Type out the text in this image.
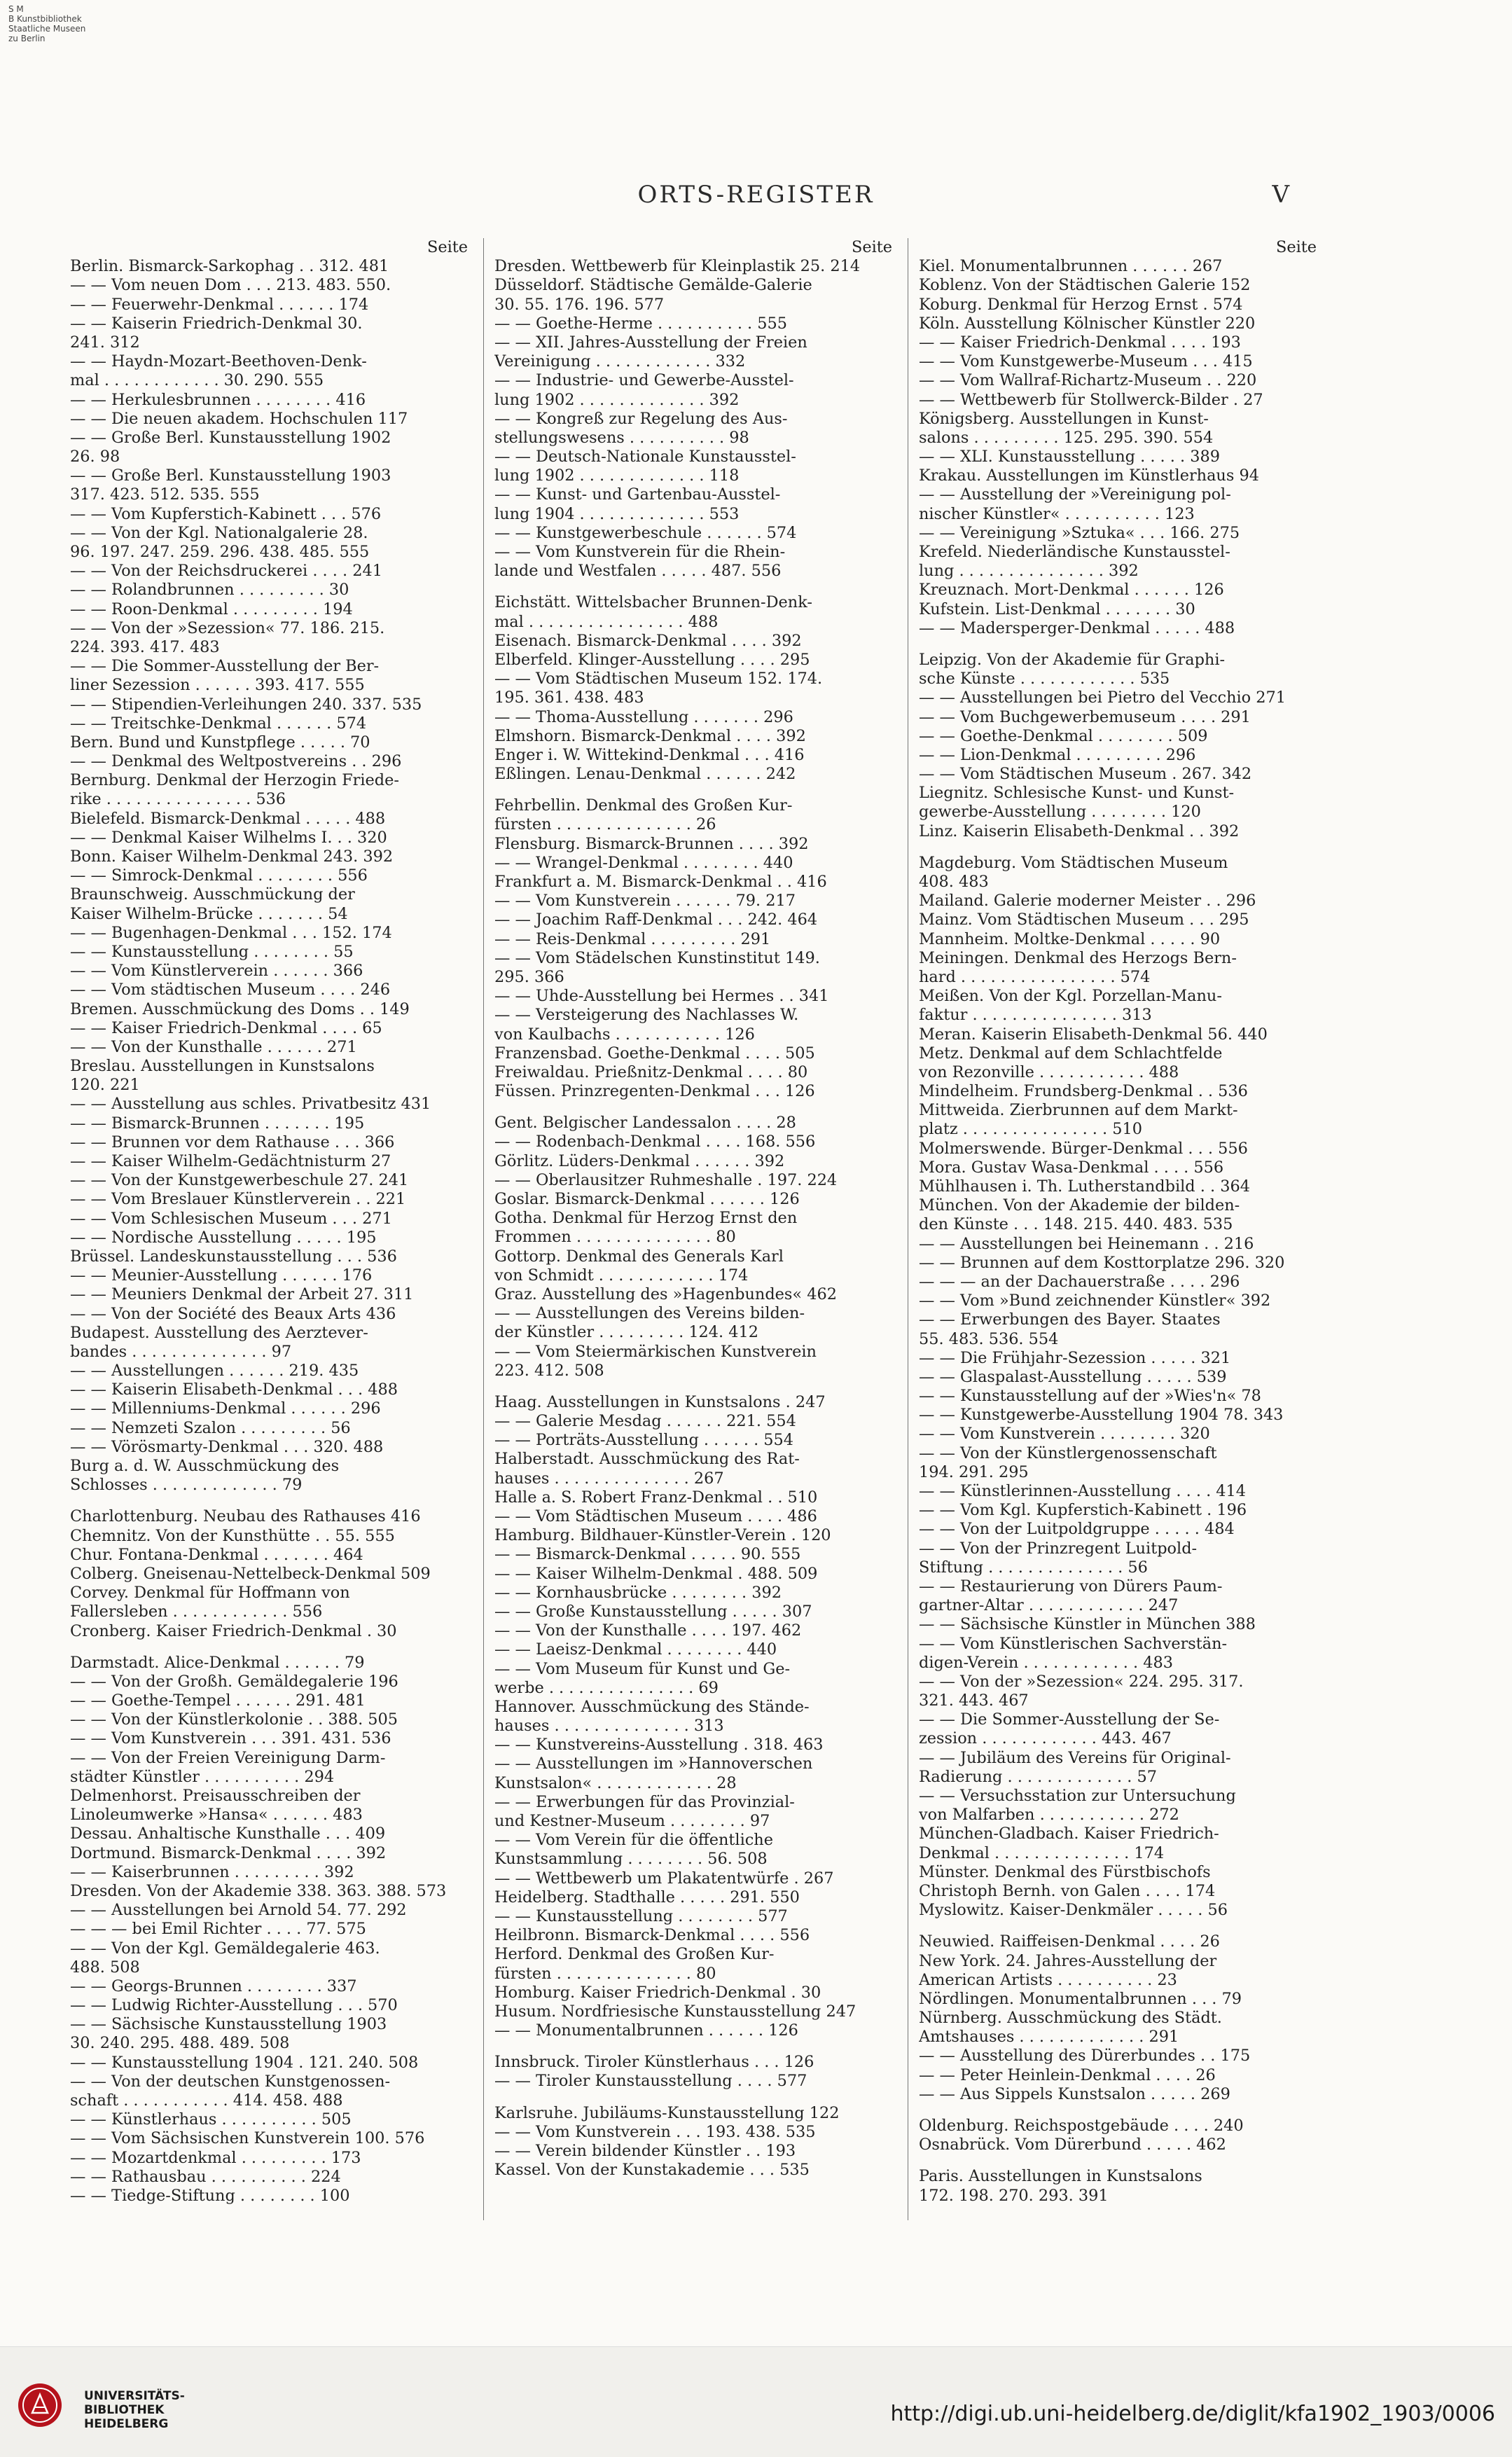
S M
B Kunstbibliothek
Staatliche Museen
zu Berlin
ORTS-REGISTER	V
Seite
Berlin. Bismarck-Sarkophag . . 312. 481
— — Vom neuen Dom . . . 213. 483. 550.
— — Feuerwehr-Denkmal . . . . . . 174
— — Kaiserin Friedrich-Denkmal 30.
241. 312
— — Haydn-Mozart-Beethoven-Denk-
mal . . . . . . . . . . . . 30. 290. 555
— — Herkulesbrunnen . . . . . . . . 416
— — Die neuen akadem. Hochschulen 117
— — Große Berl. Kunstausstellung 1902
26. 98
— — Große Berl. Kunstausstellung 1903
317. 423. 512. 535. 555
— — Vom Kupferstich-Kabinett . . . 576
— — Von der Kgl. Nationalgalerie 28.
96. 197. 247. 259. 296. 438. 485. 555
— — Von der Reichsdruckerei . . . . 241
— — Rolandbrunnen . . . . . . . . . 30
— — Roon-Denkmal . . . . . . . . . 194
— — Von der »Sezession« 77. 186. 215.
224. 393. 417. 483
— — Die Sommer-Ausstellung der Ber-
liner Sezession . . . . . . 393. 417. 555
— — Stipendien-Verleihungen 240. 337. 535
— — Treitschke-Denkmal . . . . . . 574
Bern. Bund und Kunstpflege . . . . . 70
— — Denkmal des Weltpostvereins . . 296
Bernburg. Denkmal der Herzogin Friede-
rike . . . . . . . . . . . . . . . 536
Bielefeld. Bismarck-Denkmal . . . . . 488
— — Denkmal Kaiser Wilhelms I. . . 320
Bonn. Kaiser Wilhelm-Denkmal 243. 392
— — Simrock-Denkmal . . . . . . . . 556
Braunschweig. Ausschmückung der
Kaiser Wilhelm-Brücke . . . . . . . 54
— — Bugenhagen-Denkmal . . . 152. 174
— — Kunstausstellung . . . . . . . . 55
— — Vom Künstlerverein . . . . . . 366
— — Vom städtischen Museum . . . . 246
Bremen. Ausschmückung des Doms . . 149
— — Kaiser Friedrich-Denkmal . . . . 65
— — Von der Kunsthalle . . . . . . 271
Breslau. Ausstellungen in Kunstsalons
120. 221
— — Ausstellung aus schles. Privatbesitz 431
— — Bismarck-Brunnen . . . . . . . 195
— — Brunnen vor dem Rathause . . . 366
— — Kaiser Wilhelm-Gedächtnisturm 27
— — Von der Kunstgewerbeschule 27. 241
— — Vom Breslauer Künstlerverein . . 221
— — Vom Schlesischen Museum . . . 271
— — Nordische Ausstellung . . . . . 195
Brüssel. Landeskunstausstellung . . . 536
— — Meunier-Ausstellung . . . . . . 176
— — Meuniers Denkmal der Arbeit 27. 311
— — Von der Société des Beaux Arts 436
Budapest. Ausstellung des Aerztever-
bandes . . . . . . . . . . . . . . 97
— — Ausstellungen . . . . . . 219. 435
— — Kaiserin Elisabeth-Denkmal . . . 488
— — Millenniums-Denkmal . . . . . . 296
— — Nemzeti Szalon . . . . . . . . . 56
— — Vörösmarty-Denkmal . . . 320. 488
Burg a. d. W. Ausschmückung des
Schlosses . . . . . . . . . . . . . 79
Charlottenburg. Neubau des Rathauses 416
Chemnitz. Von der Kunsthütte . . 55. 555
Chur. Fontana-Denkmal . . . . . . . 464
Colberg. Gneisenau-Nettelbeck-Denkmal 509
Corvey. Denkmal für Hoffmann von
Fallersleben . . . . . . . . . . . . 556
Cronberg. Kaiser Friedrich-Denkmal . 30
Darmstadt. Alice-Denkmal . . . . . . 79
— — Von der Großh. Gemäldegalerie 196
— — Goethe-Tempel . . . . . . 291. 481
— — Von der Künstlerkolonie . . 388. 505
— — Vom Kunstverein . . . 391. 431. 536
— — Von der Freien Vereinigung Darm-
städter Künstler . . . . . . . . . . 294
Delmenhorst. Preisausschreiben der
Linoleumwerke »Hansa« . . . . . . 483
Dessau. Anhaltische Kunsthalle . . . 409
Dortmund. Bismarck-Denkmal . . . . 392
— — Kaiserbrunnen . . . . . . . . . 392
Dresden. Von der Akademie 338. 363. 388. 573
— — Ausstellungen bei Arnold 54. 77. 292
— — — bei Emil Richter . . . . 77. 575
— — Von der Kgl. Gemäldegalerie 463.
488. 508
— — Georgs-Brunnen . . . . . . . . 337
— — Ludwig Richter-Ausstellung . . . 570
— — Sächsische Kunstausstellung 1903
30. 240. 295. 488. 489. 508
— — Kunstausstellung 1904 . 121. 240. 508
— — Von der deutschen Kunstgenossen-
schaft . . . . . . . . . . . 414. 458. 488
— — Künstlerhaus . . . . . . . . . . 505
— — Vom Sächsischen Kunstverein 100. 576
— — Mozartdenkmal . . . . . . . . . 173
— — Rathausbau . . . . . . . . . . 224
— — Tiedge-Stiftung . . . . . . . . 100
Seite
Dresden. Wettbewerb für Kleinplastik 25. 214
Düsseldorf. Städtische Gemälde-Galerie
30. 55. 176. 196. 577
— — Goethe-Herme . . . . . . . . . . 555
— — XII. Jahres-Ausstellung der Freien
Vereinigung . . . . . . . . . . . . 332
— — Industrie- und Gewerbe-Ausstel-
lung 1902 . . . . . . . . . . . . . 392
— — Kongreß zur Regelung des Aus-
stellungswesens . . . . . . . . . . 98
— — Deutsch-Nationale Kunstausstel-
lung 1902 . . . . . . . . . . . . . 118
— — Kunst- und Gartenbau-Ausstel-
lung 1904 . . . . . . . . . . . . . 553
— — Kunstgewerbeschule . . . . . . 574
— — Vom Kunstverein für die Rhein-
lande und Westfalen . . . . . 487. 556
Eichstätt. Wittelsbacher Brunnen-Denk-
mal . . . . . . . . . . . . . . . . 488
Eisenach. Bismarck-Denkmal . . . . 392
Elberfeld. Klinger-Ausstellung . . . . 295
— — Vom Städtischen Museum 152. 174.
195. 361. 438. 483
— — Thoma-Ausstellung . . . . . . . 296
Elmshorn. Bismarck-Denkmal . . . . 392
Enger i. W. Wittekind-Denkmal . . . 416
Eßlingen. Lenau-Denkmal . . . . . . 242
Fehrbellin. Denkmal des Großen Kur-
fürsten . . . . . . . . . . . . . . 26
Flensburg. Bismarck-Brunnen . . . . 392
— — Wrangel-Denkmal . . . . . . . . 440
Frankfurt a. M. Bismarck-Denkmal . . 416
— — Vom Kunstverein . . . . . . 79. 217
— — Joachim Raff-Denkmal . . . 242. 464
— — Reis-Denkmal . . . . . . . . . 291
— — Vom Städelschen Kunstinstitut 149.
295. 366
— — Uhde-Ausstellung bei Hermes . . 341
— — Versteigerung des Nachlasses W.
von Kaulbachs . . . . . . . . . . . 126
Franzensbad. Goethe-Denkmal . . . . 505
Freiwaldau. Prießnitz-Denkmal . . . . 80
Füssen. Prinzregenten-Denkmal . . . 126
Gent. Belgischer Landessalon . . . . 28
— — Rodenbach-Denkmal . . . . 168. 556
Görlitz. Lüders-Denkmal . . . . . . 392
— — Oberlausitzer Ruhmeshalle . 197. 224
Goslar. Bismarck-Denkmal . . . . . . 126
Gotha. Denkmal für Herzog Ernst den
Frommen . . . . . . . . . . . . . . 80
Gottorp. Denkmal des Generals Karl
von Schmidt . . . . . . . . . . . . 174
Graz. Ausstellung des »Hagenbundes« 462
— — Ausstellungen des Vereins bilden-
der Künstler . . . . . . . . . 124. 412
— — Vom Steiermärkischen Kunstverein
223. 412. 508
Haag. Ausstellungen in Kunstsalons . 247
— — Galerie Mesdag . . . . . . 221. 554
— — Porträts-Ausstellung . . . . . . 554
Halberstadt. Ausschmückung des Rat-
hauses . . . . . . . . . . . . . . 267
Halle a. S. Robert Franz-Denkmal . . 510
— — Vom Städtischen Museum . . . . 486
Hamburg. Bildhauer-Künstler-Verein . 120
— — Bismarck-Denkmal . . . . . 90. 555
— — Kaiser Wilhelm-Denkmal . 488. 509
— — Kornhausbrücke . . . . . . . . 392
— — Große Kunstausstellung . . . . . 307
— — Von der Kunsthalle . . . . 197. 462
— — Laeisz-Denkmal . . . . . . . . 440
— — Vom Museum für Kunst und Ge-
werbe . . . . . . . . . . . . . . . 69
Hannover. Ausschmückung des Stände-
hauses . . . . . . . . . . . . . . 313
— — Kunstvereins-Ausstellung . 318. 463
— — Ausstellungen im »Hannoverschen
Kunstsalon« . . . . . . . . . . . . 28
— — Erwerbungen für das Provinzial-
und Kestner-Museum . . . . . . . . 97
— — Vom Verein für die öffentliche
Kunstsammlung . . . . . . . . 56. 508
— — Wettbewerb um Plakatentwürfe . 267
Heidelberg. Stadthalle . . . . . 291. 550
— — Kunstausstellung . . . . . . . . 577
Heilbronn. Bismarck-Denkmal . . . . 556
Herford. Denkmal des Großen Kur-
fürsten . . . . . . . . . . . . . . 80
Homburg. Kaiser Friedrich-Denkmal . 30
Husum. Nordfriesische Kunstausstellung 247
— — Monumentalbrunnen . . . . . . 126
Innsbruck. Tiroler Künstlerhaus . . . 126
— — Tiroler Kunstausstellung . . . . 577
Karlsruhe. Jubiläums-Kunstausstellung 122
— — Vom Kunstverein . . . 193. 438. 535
— — Verein bildender Künstler . . 193
Kassel. Von der Kunstakademie . . . 535
Seite
Kiel. Monumentalbrunnen . . . . . . 267
Koblenz. Von der Städtischen Galerie 152
Koburg. Denkmal für Herzog Ernst . 574
Köln. Ausstellung Kölnischer Künstler 220
— — Kaiser Friedrich-Denkmal . . . . 193
— — Vom Kunstgewerbe-Museum . . . 415
— — Vom Wallraf-Richartz-Museum . . 220
— — Wettbewerb für Stollwerck-Bilder . 27
Königsberg. Ausstellungen in Kunst-
salons . . . . . . . . . 125. 295. 390. 554
— — XLI. Kunstausstellung . . . . . 389
Krakau. Ausstellungen im Künstlerhaus 94
— — Ausstellung der »Vereinigung pol-
nischer Künstler« . . . . . . . . . . 123
— — Vereinigung »Sztuka« . . . 166. 275
Krefeld. Niederländische Kunstausstel-
lung . . . . . . . . . . . . . . . 392
Kreuznach. Mort-Denkmal . . . . . . 126
Kufstein. List-Denkmal . . . . . . . 30
— — Madersperger-Denkmal . . . . . 488
Leipzig. Von der Akademie für Graphi-
sche Künste . . . . . . . . . . . . 535
— — Ausstellungen bei Pietro del Vecchio 271
— — Vom Buchgewerbemuseum . . . . 291
— — Goethe-Denkmal . . . . . . . . 509
— — Lion-Denkmal . . . . . . . . . 296
— — Vom Städtischen Museum . 267. 342
Liegnitz. Schlesische Kunst- und Kunst-
gewerbe-Ausstellung . . . . . . . . 120
Linz. Kaiserin Elisabeth-Denkmal . . 392
Magdeburg. Vom Städtischen Museum
408. 483
Mailand. Galerie moderner Meister . . 296
Mainz. Vom Städtischen Museum . . . 295
Mannheim. Moltke-Denkmal . . . . . 90
Meiningen. Denkmal des Herzogs Bern-
hard . . . . . . . . . . . . . . . . 574
Meißen. Von der Kgl. Porzellan-Manu-
faktur . . . . . . . . . . . . . . . 313
Meran. Kaiserin Elisabeth-Denkmal 56. 440
Metz. Denkmal auf dem Schlachtfelde
von Rezonville . . . . . . . . . . . 488
Mindelheim. Frundsberg-Denkmal . . 536
Mittweida. Zierbrunnen auf dem Markt-
platz . . . . . . . . . . . . . . . 510
Molmerswende. Bürger-Denkmal . . . 556
Mora. Gustav Wasa-Denkmal . . . . 556
Mühlhausen i. Th. Lutherstandbild . . 364
München. Von der Akademie der bilden-
den Künste . . . 148. 215. 440. 483. 535
— — Ausstellungen bei Heinemann . . 216
— — Brunnen auf dem Kosttorplatze 296. 320
— — — an der Dachauerstraße . . . . 296
— — Vom »Bund zeichnender Künstler« 392
— — Erwerbungen des Bayer. Staates
55. 483. 536. 554
— — Die Frühjahr-Sezession . . . . . 321
— — Glaspalast-Ausstellung . . . . . 539
— — Kunstausstellung auf der »Wies'n« 78
— — Kunstgewerbe-Ausstellung 1904 78. 343
— — Vom Kunstverein . . . . . . . . 320
— — Von der Künstlergenossenschaft
194. 291. 295
— — Künstlerinnen-Ausstellung . . . . 414
— — Vom Kgl. Kupferstich-Kabinett . 196
— — Von der Luitpoldgruppe . . . . . 484
— — Von der Prinzregent Luitpold-
Stiftung . . . . . . . . . . . . . . 56
— — Restaurierung von Dürers Paum-
gartner-Altar . . . . . . . . . . . . 247
— — Sächsische Künstler in München 388
— — Vom Künstlerischen Sachverstän-
digen-Verein . . . . . . . . . . . . 483
— — Von der »Sezession« 224. 295. 317.
321. 443. 467
— — Die Sommer-Ausstellung der Se-
zession . . . . . . . . . . . . 443. 467
— — Jubiläum des Vereins für Original-
Radierung . . . . . . . . . . . . . 57
— — Versuchsstation zur Untersuchung
von Malfarben . . . . . . . . . . . 272
München-Gladbach. Kaiser Friedrich-
Denkmal . . . . . . . . . . . . . . 174
Münster. Denkmal des Fürstbischofs
Christoph Bernh. von Galen . . . . 174
Myslowitz. Kaiser-Denkmäler . . . . . 56
Neuwied. Raiffeisen-Denkmal . . . . 26
New York. 24. Jahres-Ausstellung der
American Artists . . . . . . . . . . 23
Nördlingen. Monumentalbrunnen . . . 79
Nürnberg. Ausschmückung des Städt.
Amtshauses . . . . . . . . . . . . . 291
— — Ausstellung des Dürerbundes . . 175
— — Peter Heinlein-Denkmal . . . . 26
— — Aus Sippels Kunstsalon . . . . . 269
Oldenburg. Reichspostgebäude . . . . 240
Osnabrück. Vom Dürerbund . . . . . 462
Paris. Ausstellungen in Kunstsalons
172. 198. 270. 293. 391
UNIVERSITÄTS-
BIBLIOTHEK
HEIDELBERG	http://digi.ub.uni-heidelberg.de/diglit/kfa1902_1903/0006
